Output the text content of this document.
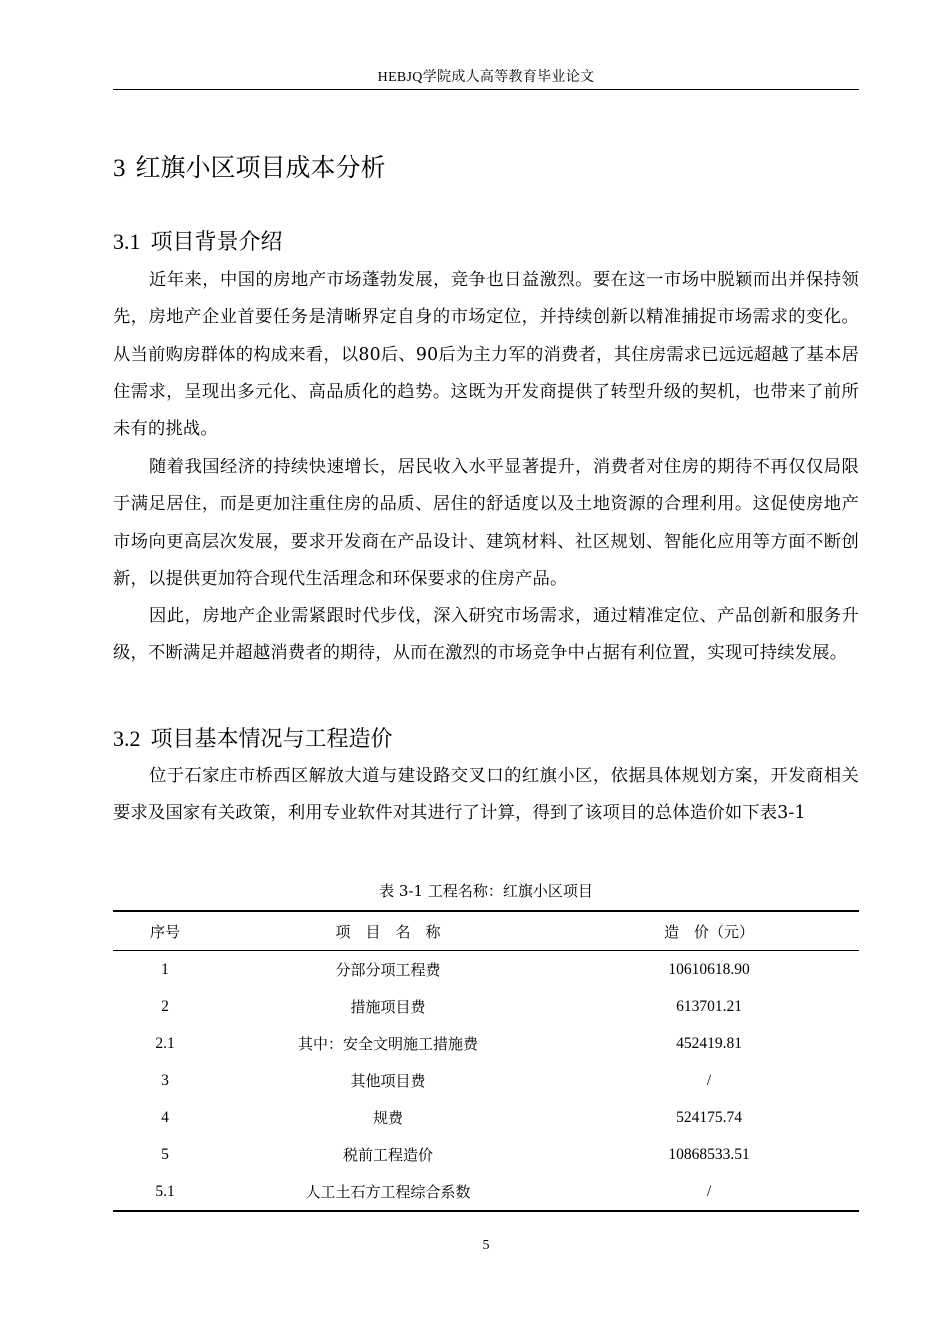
HEBJQ学院成人高等教育毕业论文
3 红旗小区项目成本分析
3.1 项目背景介绍

近年来，中国的房地产市场蓬勃发展，竞争也日益激烈。要在这一市场中脱颖而出并保持领先，房地产企业首要任务是清晰界定自身的市场定位，并持续创新以精准捕捉市场需求的变化。从当前购房群体的构成来看，以80后、90后为主力军的消费者，其住房需求已远远超越了基本居住需求，呈现出多元化、高品质化的趋势。这既为开发商提供了转型升级的契机，也带来了前所未有的挑战。

随着我国经济的持续快速增长，居民收入水平显著提升，消费者对住房的期待不再仅仅局限于满足居住，而是更加注重住房的品质、居住的舒适度以及土地资源的合理利用。这促使房地产市场向更高层次发展，要求开发商在产品设计、建筑材料、社区规划、智能化应用等方面不断创新，以提供更加符合现代生活理念和环保要求的住房产品。

因此，房地产企业需紧跟时代步伐，深入研究市场需求，通过精准定位、产品创新和服务升级，不断满足并超越消费者的期待，从而在激烈的市场竞争中占据有利位置，实现可持续发展。

3.2 项目基本情况与工程造价

位于石家庄市桥西区解放大道与建设路交叉口的红旗小区，依据具体规划方案，开发商相关要求及国家有关政策，利用专业软件对其进行了计算，得到了该项目的总体造价如下表3-1

表 3-1 工程名称：红旗小区项目
序号	项　目　名　称	造　价（元）
1	分部分项工程费	10610618.90
2	措施项目费	613701.21
2.1	其中：安全文明施工措施费	452419.81
3	其他项目费	/
4	规费	524175.74
5	税前工程造价	10868533.51
5.1	人工土石方工程综合系数	/
5
